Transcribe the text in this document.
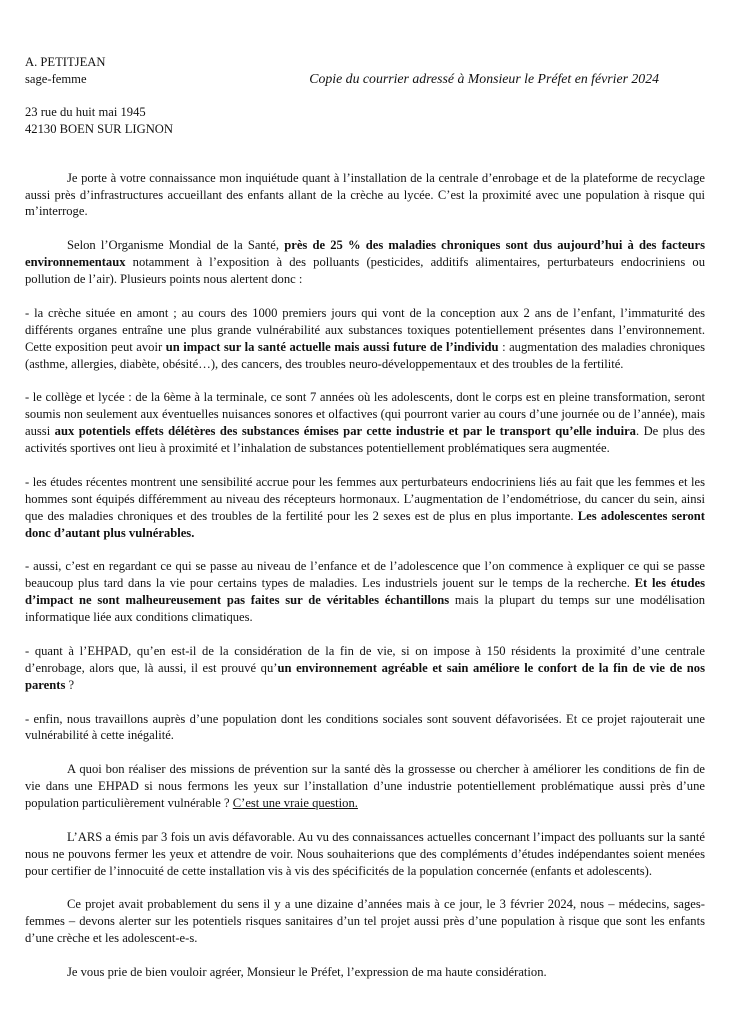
A. PETITJEAN
sage-femme	Copie du courrier adressé à Monsieur le Préfet en février 2024
23 rue du huit mai 1945
42130 BOEN SUR LIGNON

Je porte à votre connaissance mon inquiétude quant à l’installation de la centrale d’enrobage et de la plateforme de recyclage aussi près d’infrastructures accueillant des enfants allant de la crèche au lycée. C’est la proximité avec une population à risque qui m’interroge.

Selon l’Organisme Mondial de la Santé, près de 25 % des maladies chroniques sont dus aujourd’hui à des facteurs environnementaux notamment à l’exposition à des polluants (pesticides, additifs alimentaires, perturbateurs endocriniens ou pollution de l’air). Plusieurs points nous alertent donc :

- la crèche située en amont ; au cours des 1000 premiers jours qui vont de la conception aux 2 ans de l’enfant, l’immaturité des différents organes entraîne une plus grande vulnérabilité aux substances toxiques potentiellement présentes dans l’environnement. Cette exposition peut avoir un impact sur la santé actuelle mais aussi future de l’individu : augmentation des maladies chroniques (asthme, allergies, diabète, obésité…), des cancers, des troubles neuro-développementaux et des troubles de la fertilité.

- le collège et lycée : de la 6ème à la terminale, ce sont 7 années où les adolescents, dont le corps est en pleine transformation, seront soumis non seulement aux éventuelles nuisances sonores et olfactives (qui pourront varier au cours d’une journée ou de l’année), mais aussi aux potentiels effets délétères des substances émises par cette industrie et par le transport qu’elle induira. De plus des activités sportives ont lieu à proximité et l’inhalation de substances potentiellement problématiques sera augmentée.

- les études récentes montrent une sensibilité accrue pour les femmes aux perturbateurs endocriniens liés au fait que les femmes et les hommes sont équipés différemment au niveau des récepteurs hormonaux. L’augmentation de l’endométriose, du cancer du sein, ainsi que des maladies chroniques et des troubles de la fertilité pour les 2 sexes est de plus en plus importante. Les adolescentes seront donc d’autant plus vulnérables.

- aussi, c’est en regardant ce qui se passe au niveau de l’enfance et de l’adolescence que l’on commence à expliquer ce qui se passe beaucoup plus tard dans la vie pour certains types de maladies. Les industriels jouent sur le temps de la recherche. Et les études d’impact ne sont malheureusement pas faites sur de véritables échantillons mais la plupart du temps sur une modélisation informatique liée aux conditions climatiques.

- quant à l’EHPAD, qu’en est-il de la considération de la fin de vie, si on impose à 150 résidents la proximité d’une centrale d’enrobage, alors que, là aussi, il est prouvé qu’un environnement agréable et sain améliore le confort de la fin de vie de nos parents ?

- enfin, nous travaillons auprès d’une population dont les conditions sociales sont souvent défavorisées. Et ce projet rajouterait une vulnérabilité à cette inégalité.

A quoi bon réaliser des missions de prévention sur la santé dès la grossesse ou chercher à améliorer les conditions de fin de vie dans une EHPAD si nous fermons les yeux sur l’installation d’une industrie potentiellement problématique aussi près d’une population particulièrement vulnérable ? C’est une vraie question.

L’ARS a émis par 3 fois un avis défavorable. Au vu des connaissances actuelles concernant l’impact des polluants sur la santé nous ne pouvons fermer les yeux et attendre de voir. Nous souhaiterions que des compléments d’études indépendantes soient menées pour certifier de l’innocuité de cette installation vis à vis des spécificités de la population concernée (enfants et adolescents).

Ce projet avait probablement du sens il y a une dizaine d’années mais à ce jour, le 3 février 2024, nous – médecins, sages-femmes – devons alerter sur les potentiels risques sanitaires d’un tel projet aussi près d’une population à risque que sont les enfants d’une crèche et les adolescent-e-s.

Je vous prie de bien vouloir agréer, Monsieur le Préfet, l’expression de ma haute considération.
